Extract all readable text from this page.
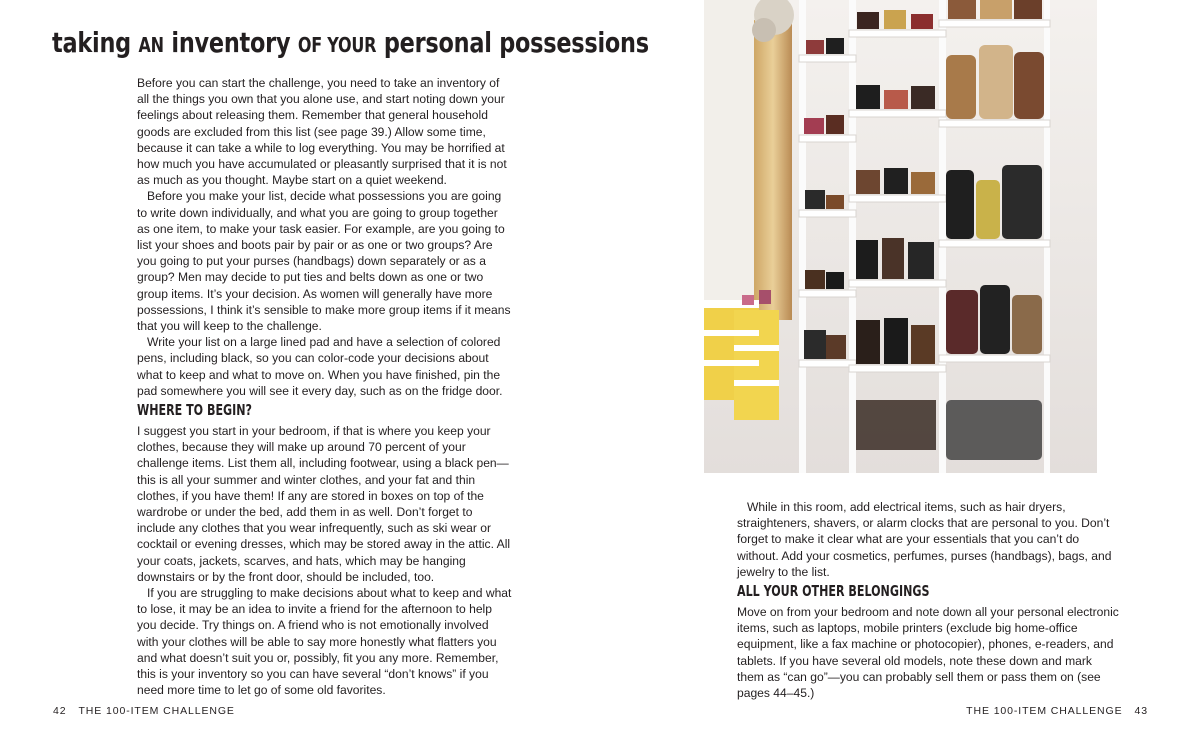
taking AN inventory OF YOUR personal possessions

Before you can start the challenge, you need to take an inventory of all the things you own that you alone use, and start noting down your feelings about releasing them. Remember that general household goods are excluded from this list (see page 39.) Allow some time, because it can take a while to log everything. You may be horrified at how much you have accumulated or pleasantly surprised that it is not as much as you thought. Maybe start on a quiet weekend.

Before you make your list, decide what possessions you are going to write down individually, and what you are going to group together as one item, to make your task easier. For example, are you going to list your shoes and boots pair by pair or as one or two groups? Are you going to put your purses (handbags) down separately or as a group? Men may decide to put ties and belts down as one or two group items. It’s your decision. As women will generally have more possessions, I think it’s sensible to make more group items if it means that you will keep to the challenge.

Write your list on a large lined pad and have a selection of colored pens, including black, so you can color-code your decisions about what to keep and what to move on. When you have finished, pin the pad somewhere you will see it every day, such as on the fridge door.

WHERE TO BEGIN?

I suggest you start in your bedroom, if that is where you keep your clothes, because they will make up around 70 percent of your challenge items. List them all, including footwear, using a black pen—this is all your summer and winter clothes, and your fat and thin clothes, if you have them! If any are stored in boxes on top of the wardrobe or under the bed, add them in as well. Don’t forget to include any clothes that you wear infrequently, such as ski wear or cocktail or evening dresses, which may be stored away in the attic. All your coats, jackets, scarves, and hats, which may be hanging downstairs or by the front door, should be included, too.

If you are struggling to make decisions about what to keep and what to lose, it may be an idea to invite a friend for the afternoon to help you decide. Try things on. A friend who is not emotionally involved with your clothes will be able to say more honestly what flatters you and what doesn’t suit you or, possibly, fit you any more. Remember, this is your inventory so you can have several “don’t knows” if you need more time to let go of some old favorites.

While in this room, add electrical items, such as hair dryers, straighteners, shavers, or alarm clocks that are personal to you. Don’t forget to make it clear what are your essentials that you can’t do without. Add your cosmetics, perfumes, purses (handbags), bags, and jewelry to the list.

ALL YOUR OTHER BELONGINGS

Move on from your bedroom and note down all your personal electronic items, such as laptops, mobile printers (exclude big home-office equipment, like a fax machine or photocopier), phones, e-readers, and tablets. If you have several old models, note these down and mark them as “can go”—you can probably sell them or pass them on (see pages 44–45.)

42 THE 100-ITEM CHALLENGE	THE 100-ITEM CHALLENGE 43
